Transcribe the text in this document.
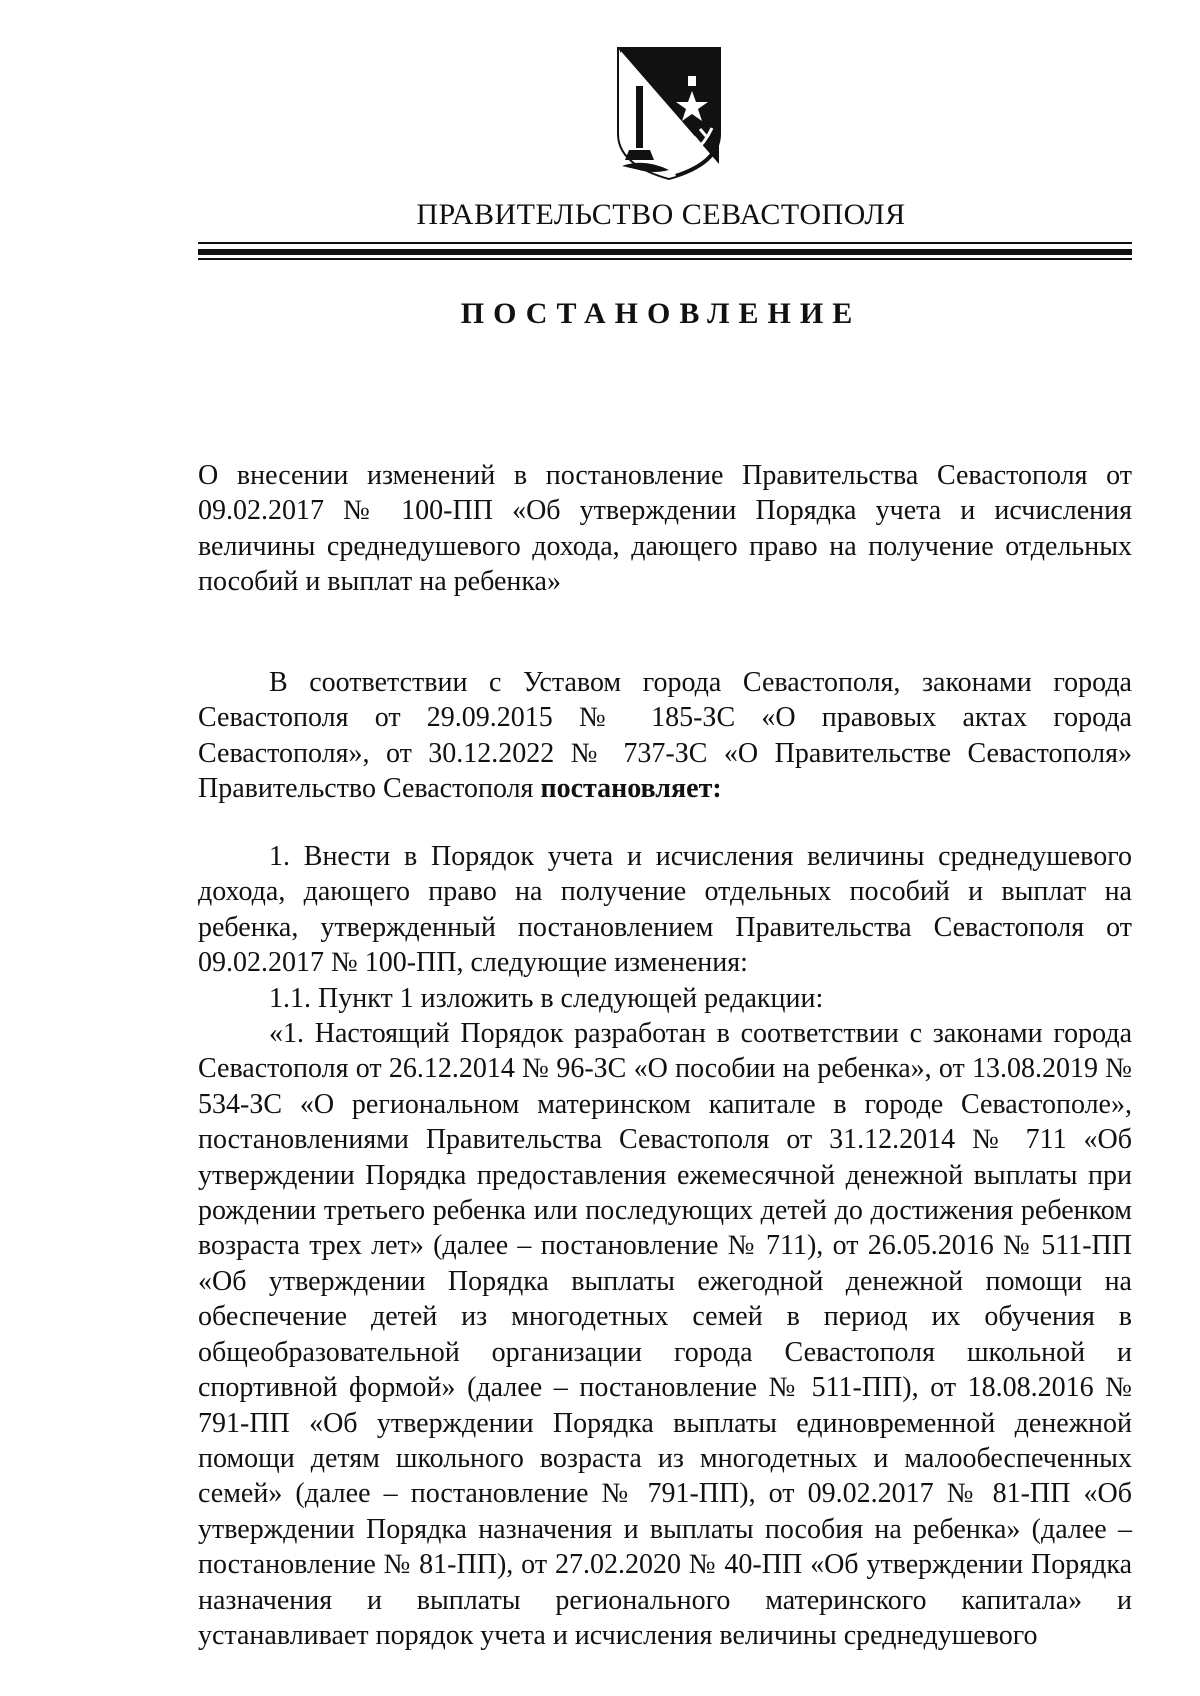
ПРАВИТЕЛЬСТВО СЕВАСТОПОЛЯ
ПОСТАНОВЛЕНИЕ
О внесении изменений в постановление Правительства Севастополя от 09.02.2017 № 100-ПП «Об утверждении Порядка учета и исчисления величины среднедушевого дохода, дающего право на получение отдельных пособий и выплат на ребенка»
В соответствии с Уставом города Севастополя, законами города Севастополя от 29.09.2015 № 185-ЗС «О правовых актах города Севастополя», от 30.12.2022 № 737-ЗС «О Правительстве Севастополя» Правительство Севастополя постановляет:

1. Внести в Порядок учета и исчисления величины среднедушевого дохода, дающего право на получение отдельных пособий и выплат на ребенка, утвержденный постановлением Правительства Севастополя от 09.02.2017 № 100-ПП, следующие изменения:

1.1. Пункт 1 изложить в следующей редакции:

«1. Настоящий Порядок разработан в соответствии с законами города Севастополя от 26.12.2014 № 96-ЗС «О пособии на ребенка», от 13.08.2019 № 534-ЗС «О региональном материнском капитале в городе Севастополе», постановлениями Правительства Севастополя от 31.12.2014 № 711 «Об утверждении Порядка предоставления ежемесячной денежной выплаты при рождении третьего ребенка или последующих детей до достижения ребенком возраста трех лет» (далее – постановление № 711), от 26.05.2016 № 511-ПП «Об утверждении Порядка выплаты ежегодной денежной помощи на обеспечение детей из многодетных семей в период их обучения в общеобразовательной организации города Севастополя школьной и спортивной формой» (далее – постановление № 511-ПП), от 18.08.2016 № 791-ПП «Об утверждении Порядка выплаты единовременной денежной помощи детям школьного возраста из многодетных и малообеспеченных семей» (далее – постановление № 791-ПП), от 09.02.2017 № 81-ПП «Об утверждении Порядка назначения и выплаты пособия на ребенка» (далее – постановление № 81-ПП), от 27.02.2020 № 40-ПП «Об утверждении Порядка назначения и выплаты регионального материнского капитала» и устанавливает порядок учета и исчисления величины среднедушевого
